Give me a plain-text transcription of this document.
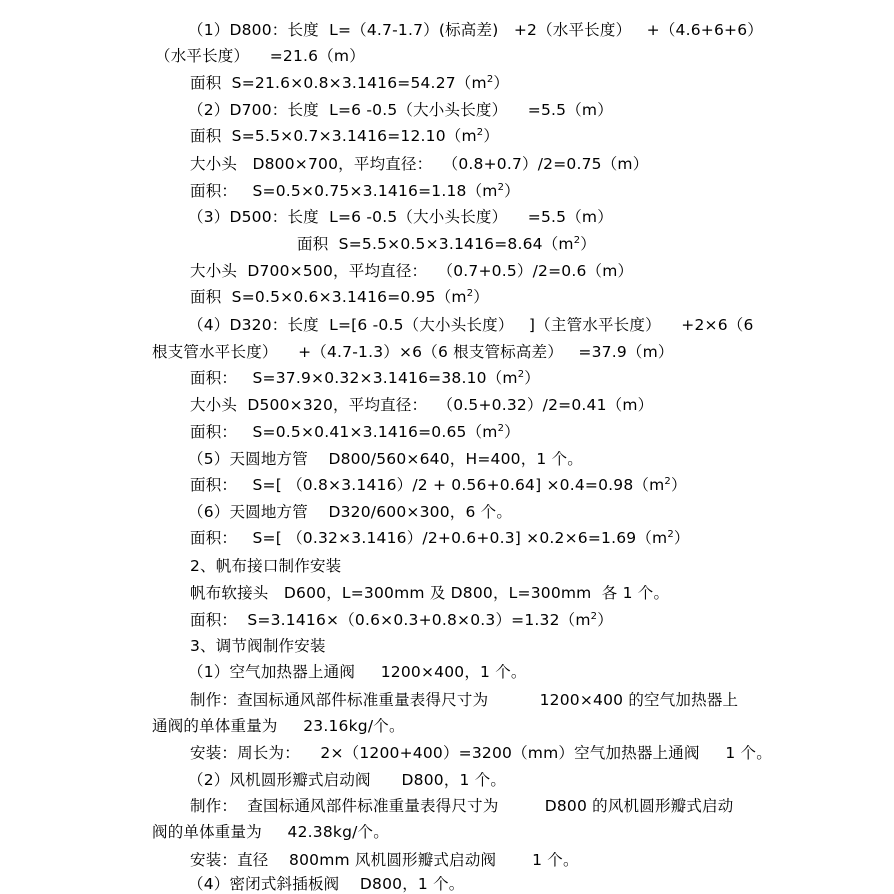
（1）D800：长度  L=（4.7-1.7）(标高差)   +2（水平长度）   +（4.6+6+6）
（水平长度）    =21.6（m）
面积  $S=21.6\times 0.8\times 3.1416=54.27(m^2)$
（2）D700：长度  L=6 -0.5（大小头长度）    =5.5（m）
面积  $S=5.5\times 0.7\times 3.1416=12.10(m^2)$
大小头   D800×700，平均直径：  （0.8+0.7）/2=0.75（m）
面积：   $S=0.5\times 0.75\times 3.1416=1.18(m^2)$
（3）D500：长度  L=6 -0.5（大小头长度）    =5.5（m）
面积  $S=5.5\times 0.5\times 3.1416=8.64(m^2)$
大小头  D700×500，平均直径：  （0.7+0.5）/2=0.6（m）
面积  $S=0.5\times 0.6\times 3.1416=0.95(m^2)$
（4）D320：长度  L=[6 -0.5（大小头长度）   ]（主管水平长度）    +2×6（6
根支管水平长度）    +（4.7-1.3）×6（6 根支管标高差）   =37.9（m）
面积：   $S=37.9\times 0.32\times 3.1416=38.10(m^2)$
大小头  D500×320，平均直径：  （0.5+0.32）/2=0.41（m）
面积：   $S=0.5\times 0.41\times 3.1416=0.65(m^2)$
（5）天圆地方管    D800/560×640，H=400，1 个。
面积：   S=[ $(0.8\times 3.1416)/2 + 0.56+0.64] \times 0.4=0.98(m^2)$
（6）天圆地方管    D320/600×300，6 个。
面积：   S=[ $(0.32\times 3.1416)/2+0.6+0.3] \times 0.2\times 6=1.69(m^2)$
2、帆布接口制作安装
帆布软接头   D600，L=300mm 及 D800，L=300mm  各 1 个。
面积：  $S=3.1416\times(0.6\times 0.3+0.8\times 0.3)=1.32(m^2)$
3、调节阀制作安装
（1）空气加热器上通阀     1200×400，1 个。
制作：查国标通风部件标准重量表得尺寸为          1200×400 的空气加热器上
通阀的单体重量为     23.16kg/个。
安装：周长为：    2×（1200+400）=3200（mm）空气加热器上通阀     1 个。
（2）风机圆形瓣式启动阀      D800，1 个。
制作：  查国标通风部件标准重量表得尺寸为         D800 的风机圆形瓣式启动
阀的单体重量为     42.38kg/个。
安装：直径    800mm 风机圆形瓣式启动阀       1 个。
（4）密闭式斜插板阀    D800，1 个。
